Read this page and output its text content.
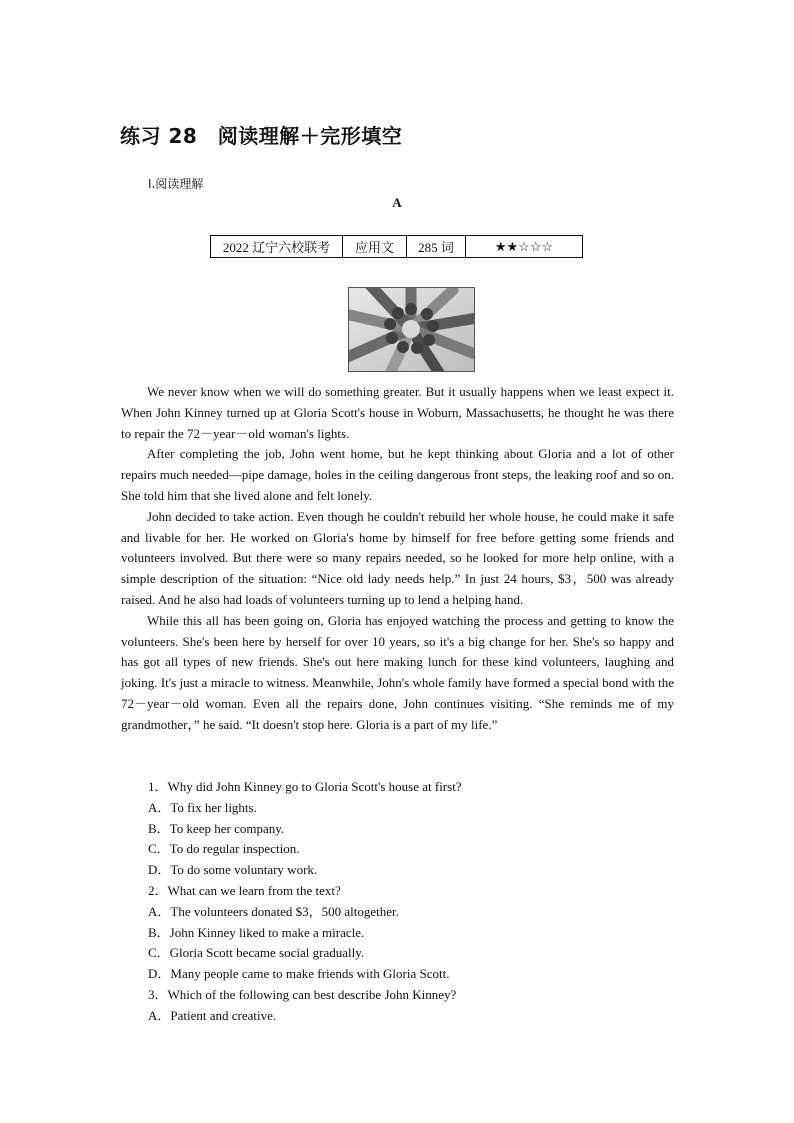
练习 28　阅读理解＋完形填空
Ⅰ.阅读理解
A
2022 辽宁六校联考	应用文	285 词	★★☆☆☆

We never know when we will do something greater. But it usually happens when we least expect it. When John Kinney turned up at Gloria Scott's house in Woburn, Massachusetts, he thought he was there to repair the 72－year－old woman's lights.

After completing the job, John went home, but he kept thinking about Gloria and a lot of other repairs much needed—pipe damage, holes in the ceiling dangerous front steps, the leaking roof and so on. She told him that she lived alone and felt lonely.

John decided to take action. Even though he couldn't rebuild her whole house, he could make it safe and livable for her. He worked on Gloria's home by himself for free before getting some friends and volunteers involved. But there were so many repairs needed, so he looked for more help online, with a simple description of the situation: “Nice old lady needs help.” In just 24 hours, $3，500 was already raised. And he also had loads of volunteers turning up to lend a helping hand.

While this all has been going on, Gloria has enjoyed watching the process and getting to know the volunteers. She's been here by herself for over 10 years, so it's a big change for her. She's so happy and has got all types of new friends. She's out here making lunch for these kind volunteers, laughing and joking. It's just a miracle to witness. Meanwhile, John's whole family have formed a special bond with the 72－year－old woman. Even all the repairs done, John continues visiting. “She reminds me of my grandmother，” he said. “It doesn't stop here. Gloria is a part of my life.”

1．Why did John Kinney go to Gloria Scott's house at first?
A．To fix her lights.
B．To keep her company.
C．To do regular inspection.
D．To do some voluntary work.
2．What can we learn from the text?
A．The volunteers donated $3，500 altogether.
B．John Kinney liked to make a miracle.
C．Gloria Scott became social gradually.
D．Many people came to make friends with Gloria Scott.
3．Which of the following can best describe John Kinney?
A．Patient and creative.
